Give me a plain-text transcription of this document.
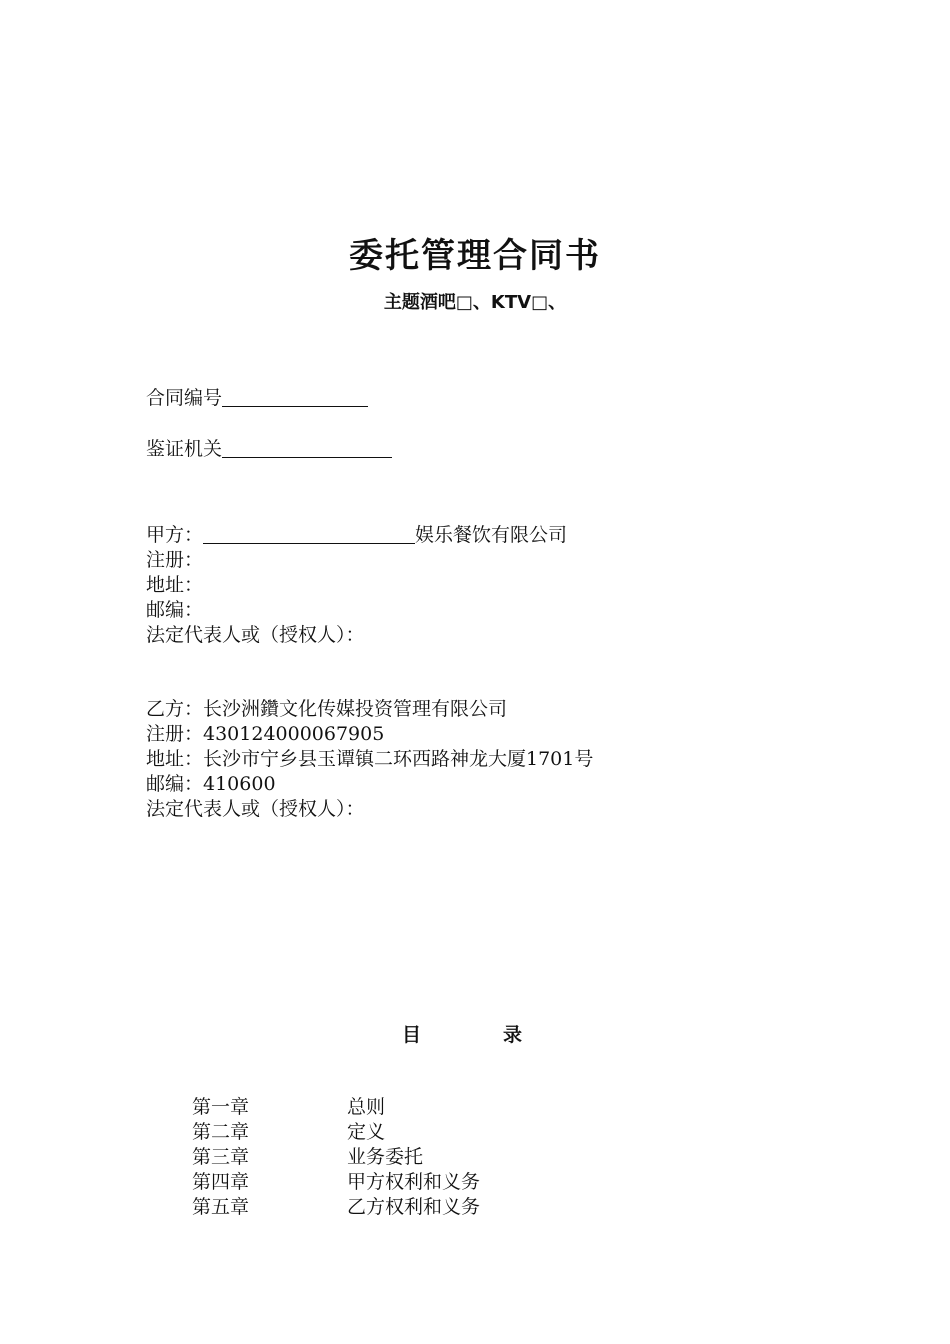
委托管理合同书
主题酒吧□、KTV□、
合同编号
鉴证机关
甲方：	娱乐餐饮有限公司
注册：
地址：
邮编：
法定代表人或（授权人）：
乙方：长沙洲鑽文化传媒投资管理有限公司
注册：430124000067905
地址：长沙市宁乡县玉谭镇二环西路神龙大厦1701号
邮编：410600
法定代表人或（授权人）：
目	录
第一章	总则
第二章	定义
第三章	业务委托
第四章	甲方权利和义务
第五章	乙方权利和义务
